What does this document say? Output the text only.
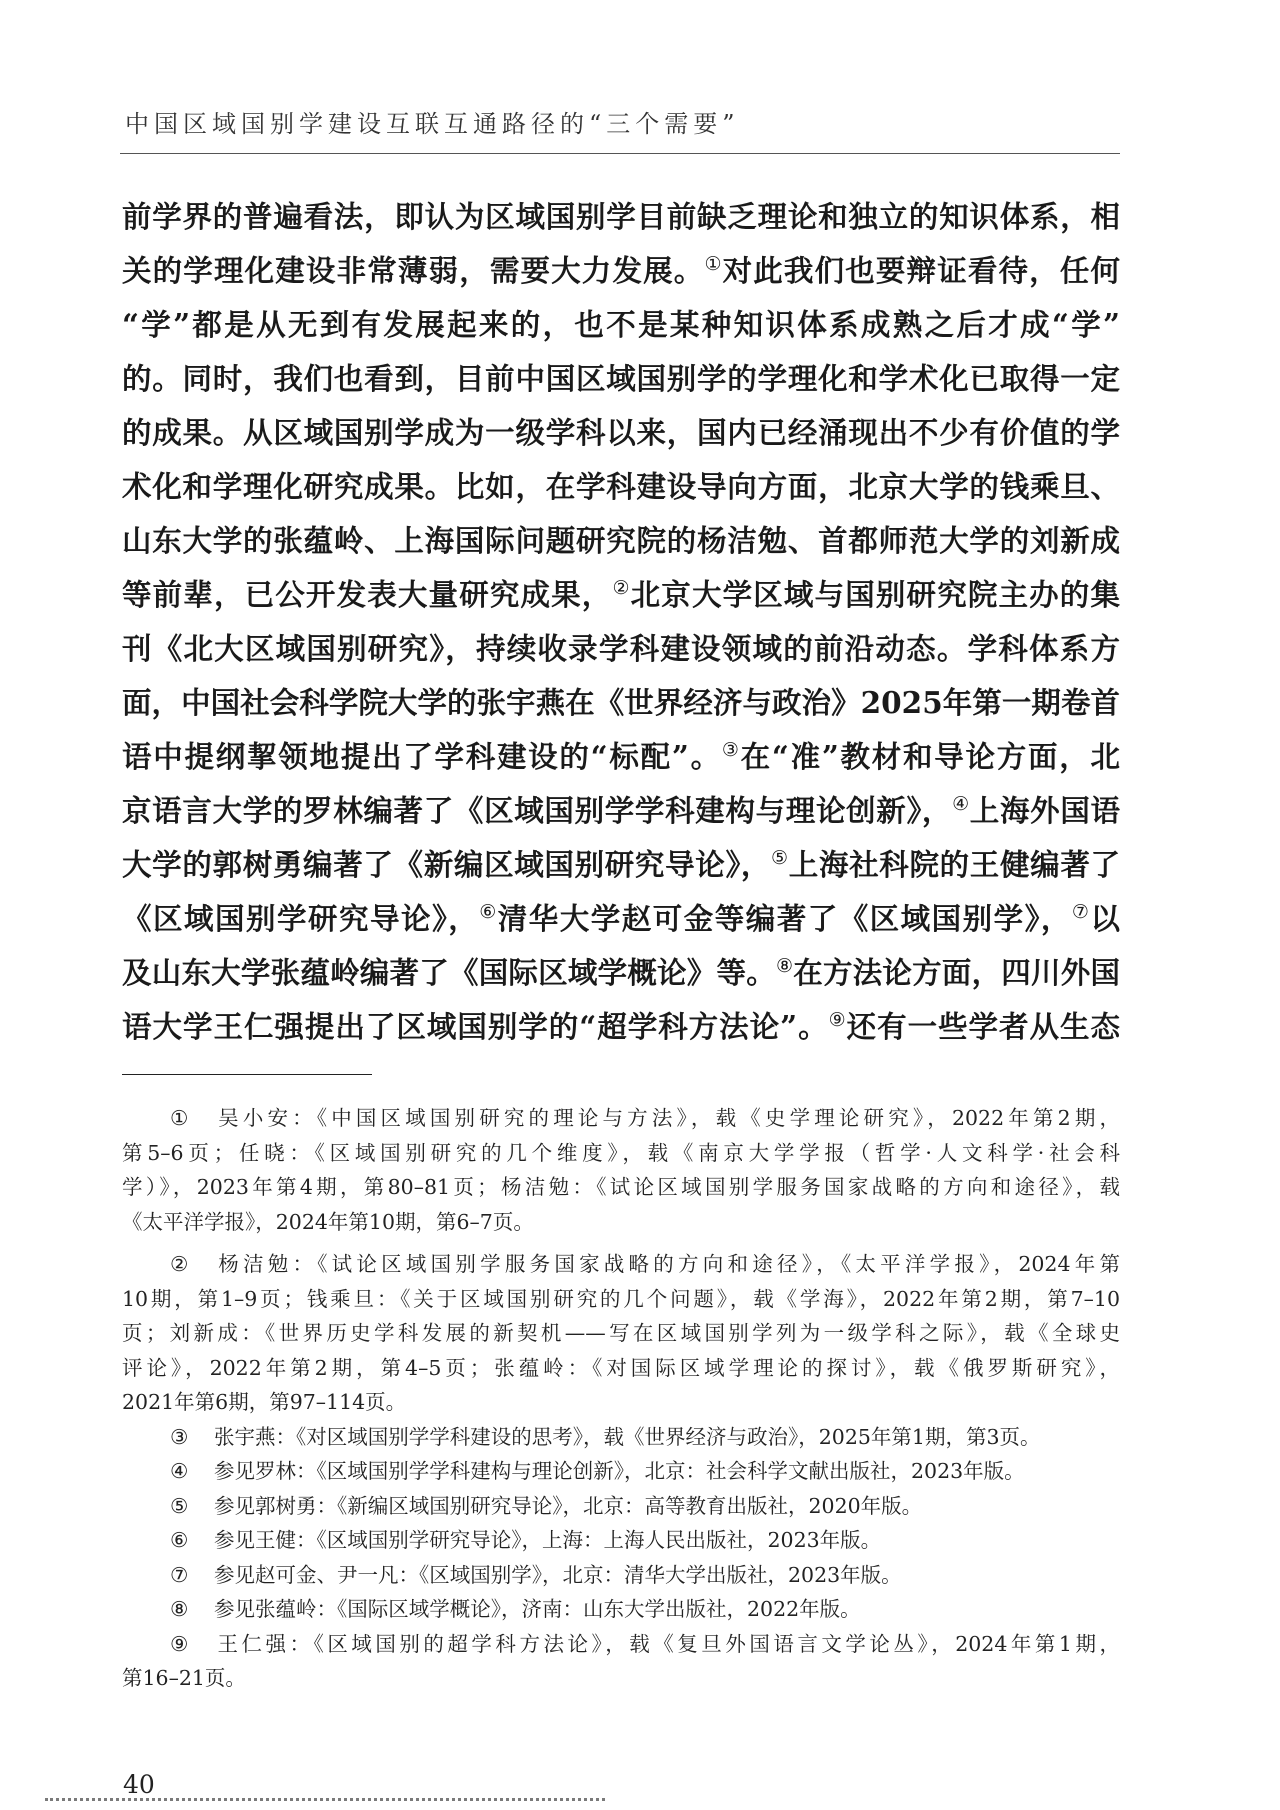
中国区域国别学建设互联互通路径的“三个需要”
前学界的普遍看法，即认为区域国别学目前缺乏理论和独立的知识体系，相
关的学理化建设非常薄弱，需要大力发展。①对此我们也要辩证看待，任何
“学”都是从无到有发展起来的，也不是某种知识体系成熟之后才成“学”
的。同时，我们也看到，目前中国区域国别学的学理化和学术化已取得一定
的成果。从区域国别学成为一级学科以来，国内已经涌现出不少有价值的学
术化和学理化研究成果。比如，在学科建设导向方面，北京大学的钱乘旦、
山东大学的张蕴岭、上海国际问题研究院的杨洁勉、首都师范大学的刘新成
等前辈，已公开发表大量研究成果，②北京大学区域与国别研究院主办的集
刊《北大区域国别研究》，持续收录学科建设领域的前沿动态。学科体系方
面，中国社会科学院大学的张宇燕在《世界经济与政治》2025年第一期卷首
语中提纲挈领地提出了学科建设的“标配”。③在“准”教材和导论方面，北
京语言大学的罗林编著了《区域国别学学科建构与理论创新》，④上海外国语
大学的郭树勇编著了《新编区域国别研究导论》，⑤上海社科院的王健编著了
《区域国别学研究导论》，⑥清华大学赵可金等编著了《区域国别学》，⑦以
及山东大学张蕴岭编著了《国际区域学概论》等。⑧在方法论方面，四川外国
语大学王仁强提出了区域国别学的“超学科方法论”。⑨还有一些学者从生态
① 吴小安：《中国区域国别研究的理论与方法》，载《史学理论研究》，2022年第2期，
第5–6页；任晓：《区域国别研究的几个维度》，载《南京大学学报（哲学·人文科学·社会科
学）》，2023年第4期，第80–81页；杨洁勉：《试论区域国别学服务国家战略的方向和途径》，载
《太平洋学报》，2024年第10期，第6–7页。
② 杨洁勉：《试论区域国别学服务国家战略的方向和途径》，《太平洋学报》，2024年第
10期，第1–9页；钱乘旦：《关于区域国别研究的几个问题》，载《学海》，2022年第2期，第7–10
页；刘新成：《世界历史学科发展的新契机——写在区域国别学列为一级学科之际》，载《全球史
评论》，2022年第2期，第4–5页；张蕴岭：《对国际区域学理论的探讨》，载《俄罗斯研究》，
2021年第6期，第97–114页。
③ 张宇燕：《对区域国别学学科建设的思考》，载《世界经济与政治》，2025年第1期，第3页。
④ 参见罗林：《区域国别学学科建构与理论创新》，北京：社会科学文献出版社，2023年版。
⑤ 参见郭树勇：《新编区域国别研究导论》，北京：高等教育出版社，2020年版。
⑥ 参见王健：《区域国别学研究导论》，上海：上海人民出版社，2023年版。
⑦ 参见赵可金、尹一凡：《区域国别学》，北京：清华大学出版社，2023年版。
⑧ 参见张蕴岭：《国际区域学概论》，济南：山东大学出版社，2022年版。
⑨ 王仁强：《区域国别的超学科方法论》，载《复旦外国语言文学论丛》，2024年第1期，
第16–21页。
40
